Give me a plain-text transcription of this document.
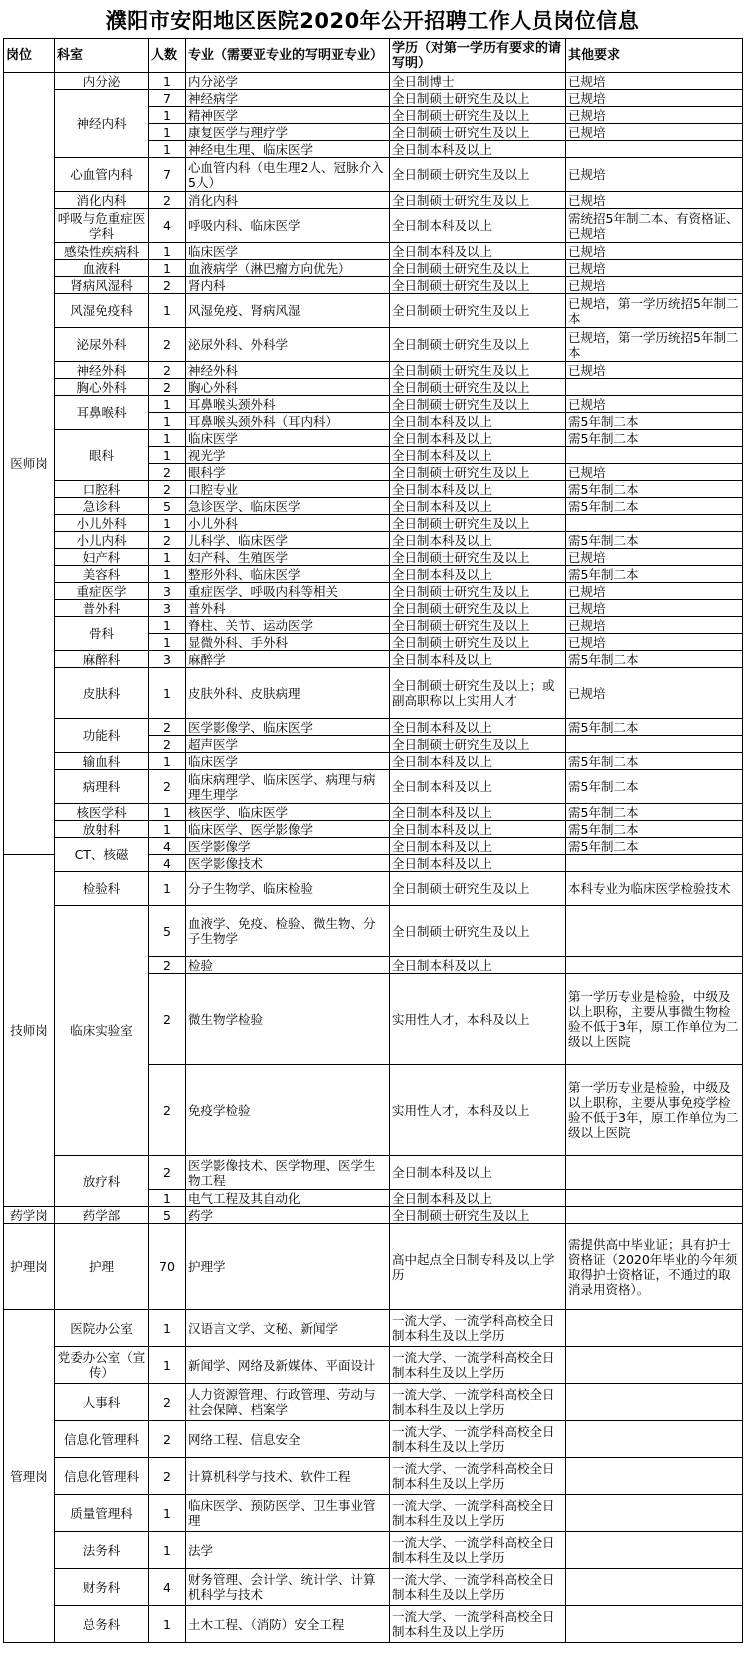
濮阳市安阳地区医院2020年公开招聘工作人员岗位信息
岗位	科室	人数	专业（需要亚专业的写明亚专业）	学历（对第一学历有要求的请写明）	其他要求
医师岗	内分泌	1	内分泌学	全日制博士	已规培
	神经内科	7	神经病学	全日制硕士研究生及以上	已规培
		1	精神医学	全日制硕士研究生及以上	已规培
		1	康复医学与理疗学	全日制硕士研究生及以上	已规培
		1	神经电生理、临床医学	全日制本科及以上	
	心血管内科	7	心血管内科（电生理2人、冠脉介入5人）	全日制硕士研究生及以上	已规培
	消化内科	2	消化内科	全日制硕士研究生及以上	已规培
	呼吸与危重症医学科	4	呼吸内科、临床医学	全日制本科及以上	需统招5年制二本、有资格证、已规培
	感染性疾病科	1	临床医学	全日制本科及以上	已规培
	血液科	1	血液病学（淋巴瘤方向优先）	全日制硕士研究生及以上	已规培
	肾病风湿科	2	肾内科	全日制硕士研究生及以上	已规培
	风湿免疫科	1	风湿免疫、肾病风湿	全日制硕士研究生及以上	已规培，第一学历统招5年制二本
	泌尿外科	2	泌尿外科、外科学	全日制硕士研究生及以上	已规培，第一学历统招5年制二本
	神经外科	2	神经外科	全日制硕士研究生及以上	已规培
	胸心外科	2	胸心外科	全日制硕士研究生及以上	
	耳鼻喉科	1	耳鼻喉头颈外科	全日制硕士研究生及以上	已规培
		1	耳鼻喉头颈外科（耳内科）	全日制本科及以上	需5年制二本
	眼科	1	临床医学	全日制本科及以上	需5年制二本
		1	视光学	全日制本科及以上	
		2	眼科学	全日制硕士研究生及以上	已规培
	口腔科	2	口腔专业	全日制本科及以上	需5年制二本
	急诊科	5	急诊医学、临床医学	全日制本科及以上	需5年制二本
	小儿外科	1	小儿外科	全日制硕士研究生及以上	
	小儿内科	2	儿科学、临床医学	全日制本科及以上	需5年制二本
	妇产科	1	妇产科、生殖医学	全日制硕士研究生及以上	已规培
	美容科	1	整形外科、临床医学	全日制本科及以上	需5年制二本
	重症医学	3	重症医学、呼吸内科等相关	全日制硕士研究生及以上	已规培
	普外科	3	普外科	全日制硕士研究生及以上	已规培
	骨科	1	脊柱、关节、运动医学	全日制硕士研究生及以上	已规培
		1	显微外科、手外科	全日制硕士研究生及以上	已规培
	麻醉科	3	麻醉学	全日制本科及以上	需5年制二本
	皮肤科	1	皮肤外科、皮肤病理	全日制硕士研究生及以上；或副高职称以上实用人才	已规培
	功能科	2	医学影像学、临床医学	全日制本科及以上	需5年制二本
		2	超声医学	全日制硕士研究生及以上	
	输血科	1	临床医学	全日制本科及以上	需5年制二本
	病理科	2	临床病理学、临床医学、病理与病理生理学	全日制本科及以上	需5年制二本
	核医学科	1	核医学、临床医学	全日制本科及以上	需5年制二本
	放射科	1	临床医学、医学影像学	全日制本科及以上	需5年制二本
	CT、核磁	4	医学影像学	全日制本科及以上	需5年制二本
技师岗		4	医学影像技术	全日制本科及以上	
	检验科	1	分子生物学、临床检验	全日制硕士研究生及以上	本科专业为临床医学检验技术
	临床实验室	5	血液学、免疫、检验、微生物、分子生物学	全日制硕士研究生及以上	
		2	检验	全日制本科及以上	
		2	微生物学检验	实用性人才，本科及以上	第一学历专业是检验，中级及以上职称，主要从事微生物检验不低于3年，原工作单位为二级以上医院
		2	免疫学检验	实用性人才，本科及以上	第一学历专业是检验，中级及以上职称，主要从事免疫学检验不低于3年，原工作单位为二级以上医院
	放疗科	2	医学影像技术、医学物理、医学生物工程	全日制本科及以上	
		1	电气工程及其自动化	全日制本科及以上	
药学岗	药学部	5	药学	全日制硕士研究生及以上	
护理岗	护理	70	护理学	高中起点全日制专科及以上学历	需提供高中毕业证；具有护士资格证（2020年毕业的今年须取得护士资格证，不通过的取消录用资格）。
管理岗	医院办公室	1	汉语言文学、文秘、新闻学	一流大学、一流学科高校全日制本科生及以上学历	
	党委办公室（宣传）	1	新闻学、网络及新媒体、平面设计	一流大学、一流学科高校全日制本科生及以上学历	
	人事科	2	人力资源管理、行政管理、劳动与社会保障、档案学	一流大学、一流学科高校全日制本科生及以上学历	
	信息化管理科	2	网络工程、信息安全	一流大学、一流学科高校全日制本科生及以上学历	
	信息化管理科	2	计算机科学与技术、软件工程	一流大学、一流学科高校全日制本科生及以上学历	
	质量管理科	1	临床医学、预防医学、卫生事业管理	一流大学、一流学科高校全日制本科生及以上学历	
	法务科	1	法学	一流大学、一流学科高校全日制本科生及以上学历	
	财务科	4	财务管理、会计学、统计学、计算机科学与技术	一流大学、一流学科高校全日制本科生及以上学历	
	总务科	1	土木工程、（消防）安全工程	一流大学、一流学科高校全日制本科生及以上学历	
